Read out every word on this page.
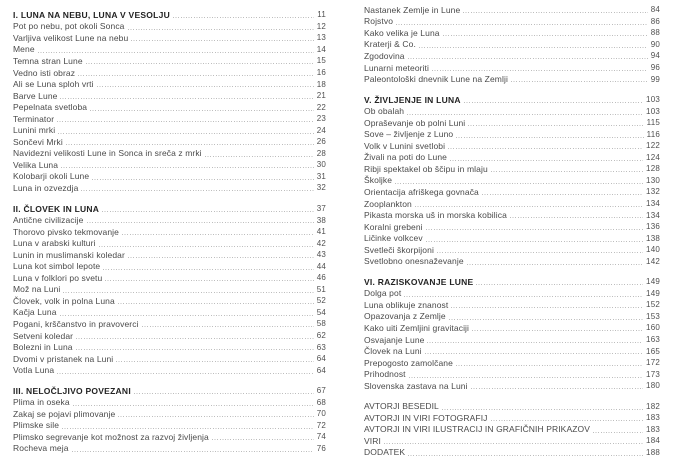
I. LUNA NA NEBU, LUNA V VESOLJU	11
Pot po nebu, pot okoli Sonca	12
Varljiva velikost Lune na nebu	13
Mene	14
Temna stran Lune	15
Vedno isti obraz	16
Ali se Luna sploh vrti	18
Barve Lune	21
Pepelnata svetloba	22
Terminator	23
Lunini mrki	24
Sončevi Mrki	26
Navidezni velikosti Lune in Sonca in sreča z mrki	28
Velika Luna	30
Kolobarji okoli Lune	31
Luna in ozvezdja	32
II. ČLOVEK IN LUNA	37
Antične civilizacije	38
Thorovo pivsko tekmovanje	41
Luna v arabski kulturi	42
Lunin in muslimanski koledar	43
Luna kot simbol lepote	44
Luna v folklori po svetu	46
Mož na Luni	51
Človek, volk in polna Luna	52
Kačja Luna	54
Pogani, krščanstvo in pravoverci	58
Setveni koledar	62
Bolezni in Luna	63
Dvomi v pristanek na Luni	64
Votla Luna	64
III. NELOČLJIVO POVEZANI	67
Plima in oseka	68
Zakaj se pojavi plimovanje	70
Plimske sile	72
Plimsko segrevanje kot možnost za razvoj življenja	74
Rocheva meja	76
Nastanek Zemlje in Lune	84
Rojstvo	86
Kako velika je Luna	88
Kraterji & Co.	90
Zgodovina	94
Lunarni meteoriti	96
Paleontološki dnevnik Lune na Zemlji	99
V. ŽIVLJENJE IN LUNA	103
Ob obalah	103
Opraševanje ob polni Luni	115
Sove – življenje z Luno	116
Volk v Lunini svetlobi	122
Živali na poti do Lune	124
Ribji spektakel ob ščipu in mlaju	128
Školjke	130
Orientacija afriškega govnača	132
Zooplankton	134
Pikasta morska uš in morska kobilica	134
Koralni grebeni	136
Ličinke volkcev	138
Svetleči škorpijoni	140
Svetlobno onesnaževanje	142
VI. RAZISKOVANJE LUNE	149
Dolga pot	149
Luna oblikuje znanost	152
Opazovanja z Zemlje	153
Kako uiti Zemljini gravitaciji	160
Osvajanje Lune	163
Človek na Luni	165
Prepogosto zamolčane	172
Prihodnost	173
Slovenska zastava na Luni	180
AVTORJI BESEDIL	182
AVTORJI IN VIRI FOTOGRAFIJ	183
AVTORJI IN VIRI ILUSTRACIJ IN GRAFIČNIH PRIKAZOV	183
VIRI	184
DODATEK	188
